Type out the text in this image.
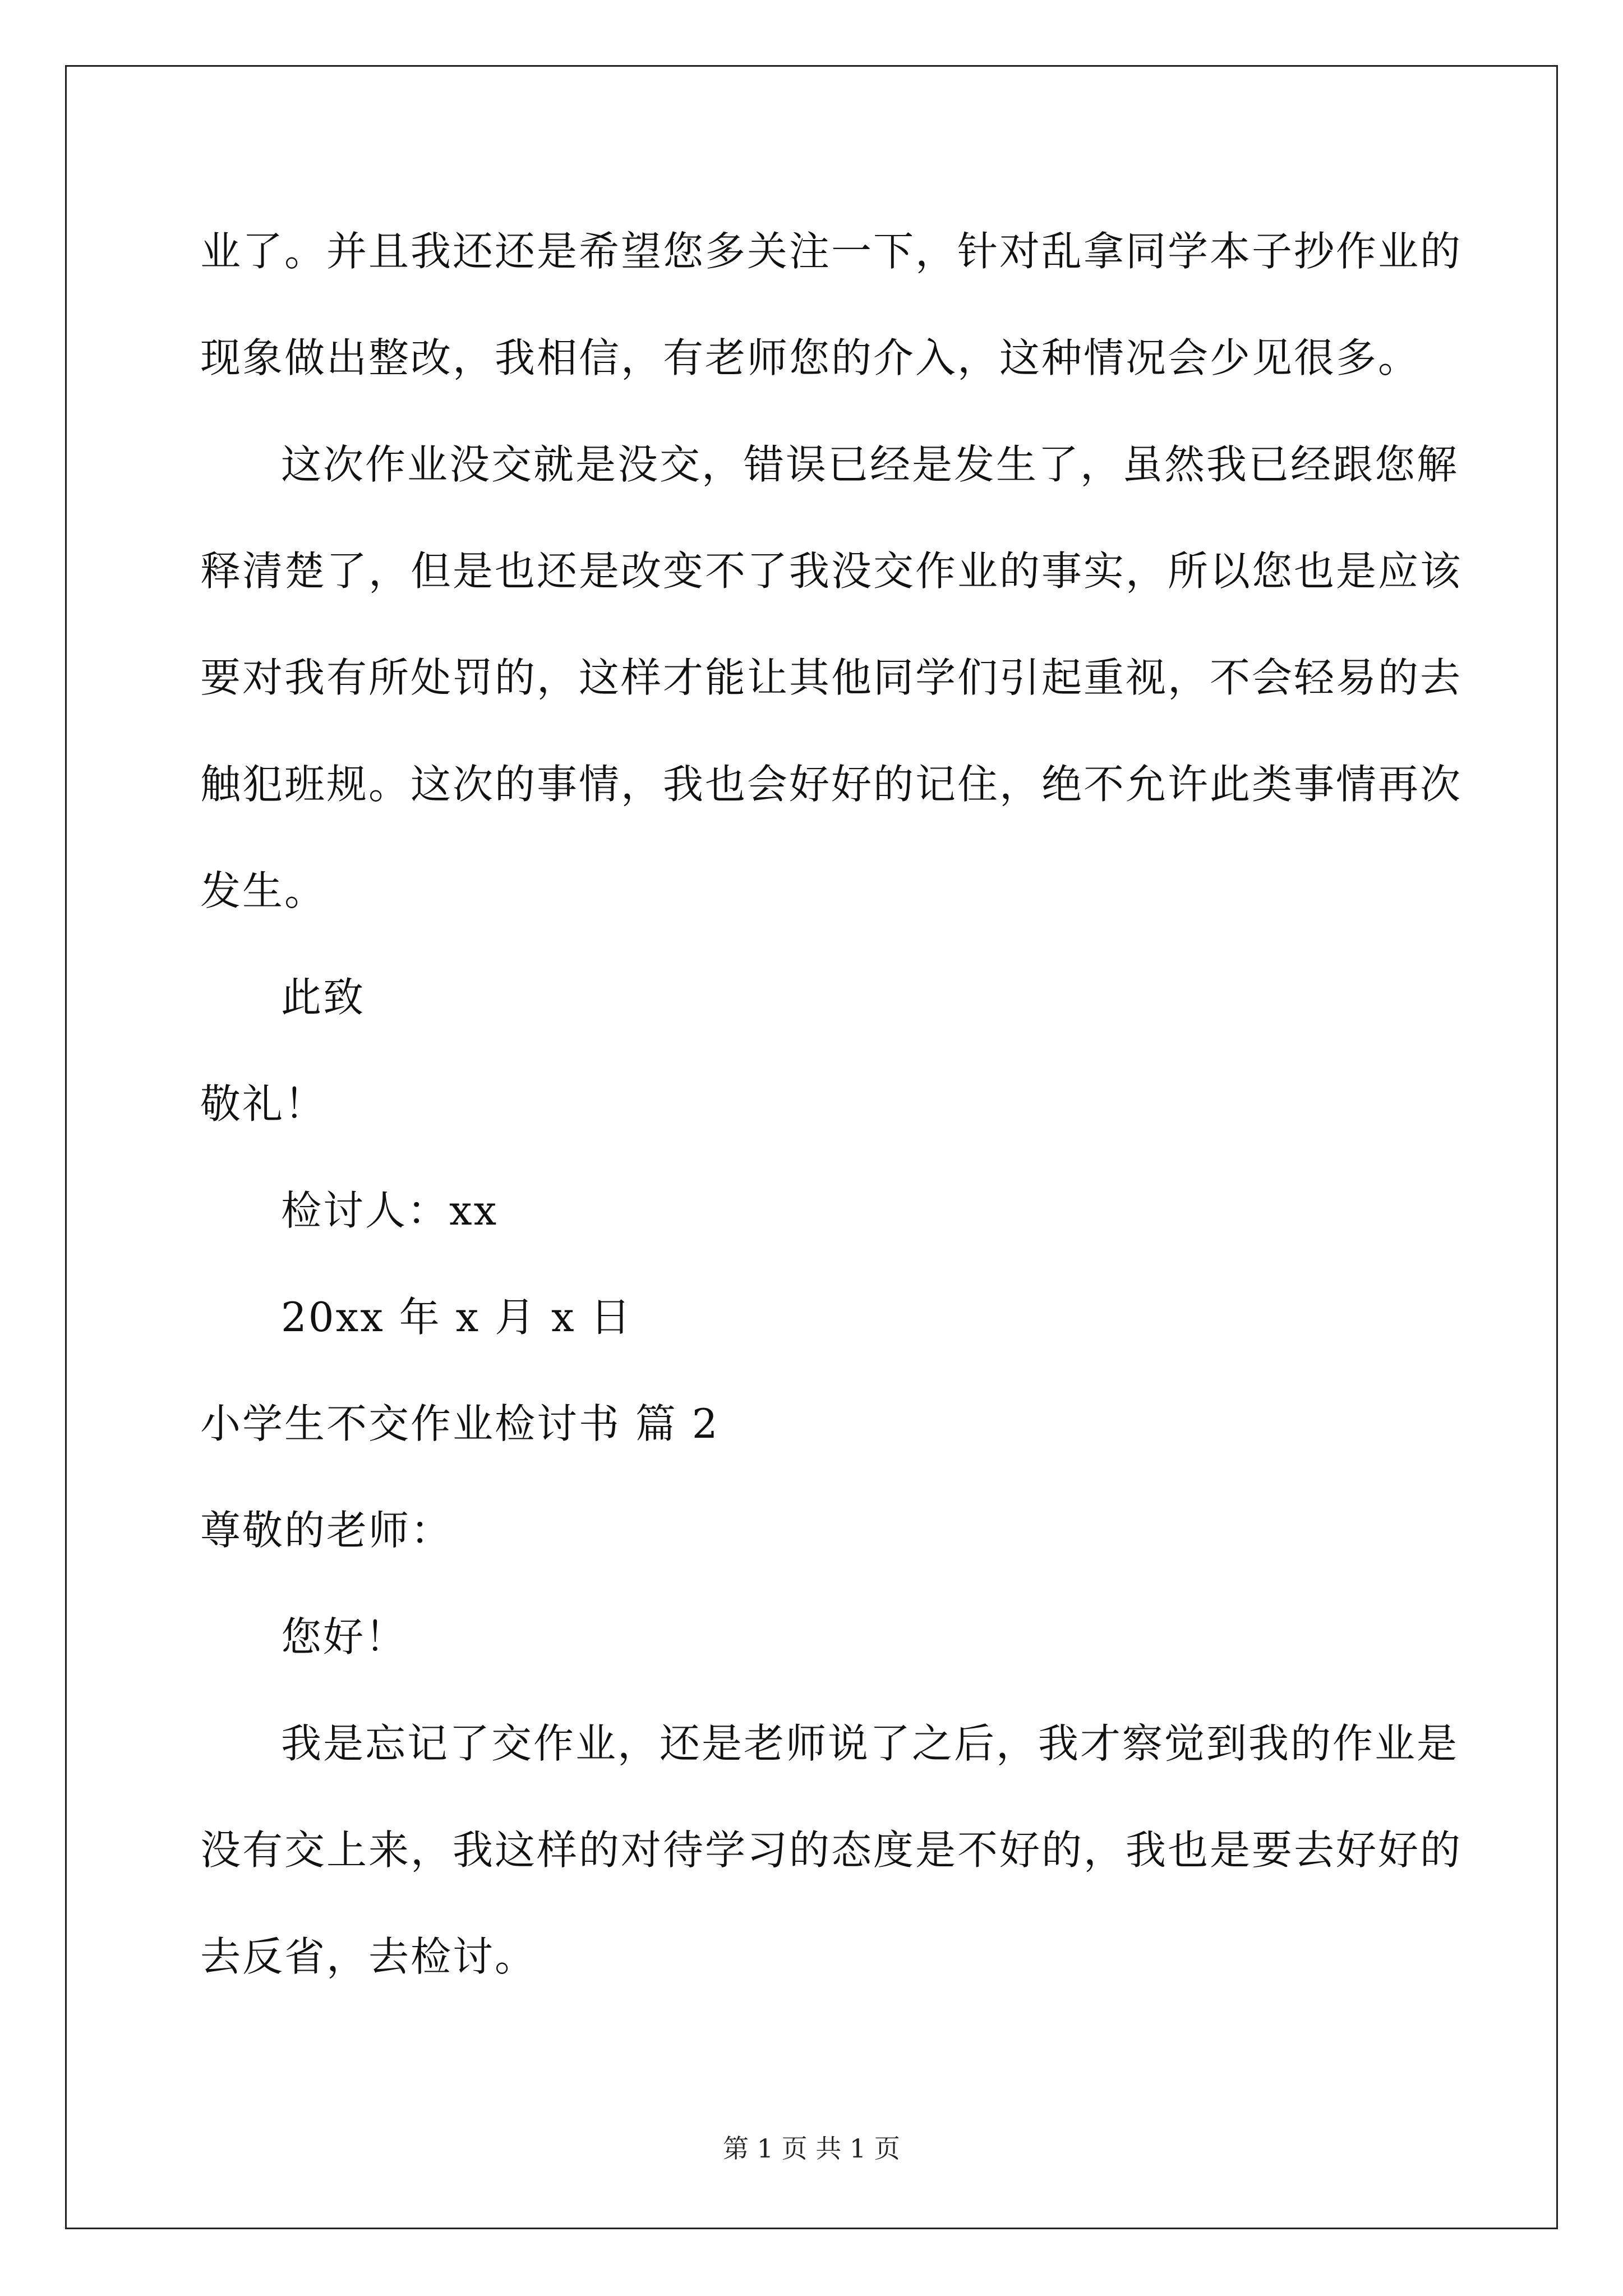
业了。并且我还还是希望您多关注一下，针对乱拿同学本子抄作业的
现象做出整改，我相信，有老师您的介入，这种情况会少见很多。
这次作业没交就是没交，错误已经是发生了，虽然我已经跟您解
释清楚了，但是也还是改变不了我没交作业的事实，所以您也是应该
要对我有所处罚的，这样才能让其他同学们引起重视，不会轻易的去
触犯班规。这次的事情，我也会好好的记住，绝不允许此类事情再次
发生。
此致
敬礼！
检讨人：xx
20xx 年 x 月 x 日
小学生不交作业检讨书 篇 2
尊敬的老师：
您好！
我是忘记了交作业，还是老师说了之后，我才察觉到我的作业是
没有交上来，我这样的对待学习的态度是不好的，我也是要去好好的
去反省，去检讨。
第 1 页 共 1 页
